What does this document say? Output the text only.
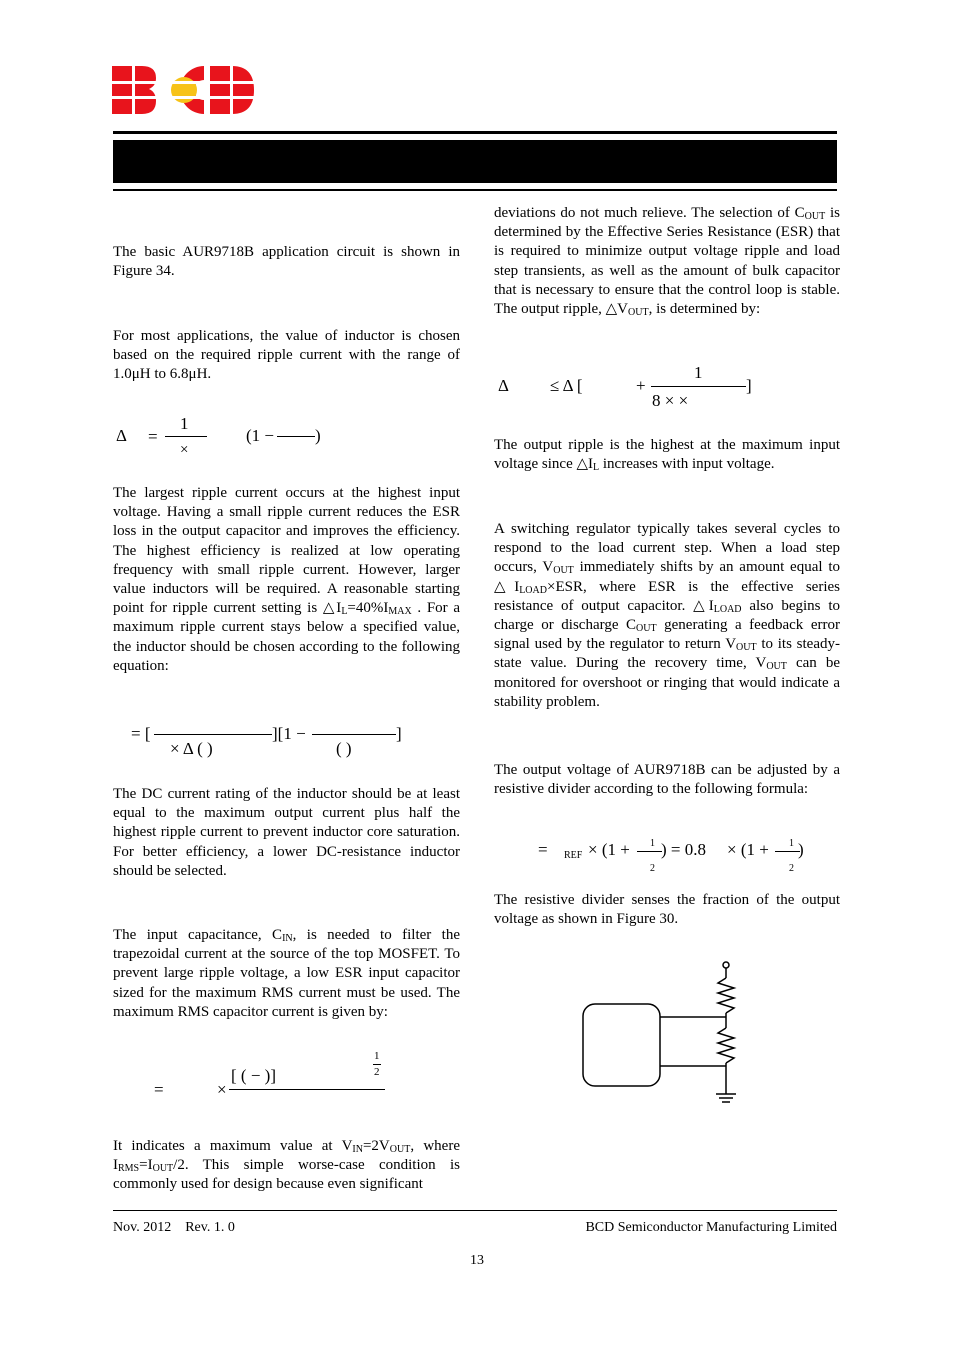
The basic AUR9718B application circuit is shown in Figure 34.

For most applications, the value of inductor is chosen based on the required ripple current with the range of 1.0μH to 6.8μH.

Δ =
1
×
(1 − )

The largest ripple current occurs at the highest input voltage. Having a small ripple current reduces the ESR loss in the output capacitor and improves the efficiency. The highest efficiency is realized at low operating frequency with small ripple current. However, larger value inductors will be required. A reasonable starting point for ripple current setting is $\triangle I_L=40\%I_{MAX}$ . For a maximum ripple current stays below a specified value, the inductor should be chosen according to the following equation:

= [
× Δ ( )
][1 −
( )
]

The DC current rating of the inductor should be at least equal to the maximum output current plus half the highest ripple current to prevent inductor core saturation. For better efficiency, a lower DC-resistance inductor should be selected.

The input capacitance, $C_{IN}$, is needed to filter the trapezoidal current at the source of the top MOSFET. To prevent large ripple voltage, a low ESR input capacitor sized for the maximum RMS current must be used. The maximum RMS capacitor current is given by:

=	×
[ ( − )]
1
2

It indicates a maximum value at $V_{IN}=2V_{OUT}$, where $I_{RMS}=I_{OUT}/2$. This simple worse-case condition is commonly used for design because even significant

deviations do not much relieve. The selection of $C_{OUT}$ is determined by the Effective Series Resistance (ESR) that is required to minimize output voltage ripple and load step transients, as well as the amount of bulk capacitor that is necessary to ensure that the control loop is stable. The output ripple, $\triangle V_{OUT}$, is determined by:

Δ ≤ Δ [	+
1
8 × ×
]

The output ripple is the highest at the maximum input voltage since $\triangle I_L$ increases with input voltage.

A switching regulator typically takes several cycles to respond to the load current step. When a load step occurs, $V_{OUT}$ immediately shifts by an amount equal to $\triangle I_{LOAD}\times ESR$, where ESR is the effective series resistance of output capacitor. $\triangle I_{LOAD}$ also begins to charge or discharge $C_{OUT}$ generating a feedback error signal used by the regulator to return $V_{OUT}$ to its steady-state value. During the recovery time, $V_{OUT}$ can be monitored for overshoot or ringing that would indicate a stability problem.

The output voltage of AUR9718B can be adjusted by a resistive divider according to the following formula:

= REF × (1 + 1
2
) = 0.8 × (1 + 1
2
)

The resistive divider senses the fraction of the output voltage as shown in Figure 30.

Nov. 2012    Rev. 1. 0	BCD Semiconductor Manufacturing Limited
13
